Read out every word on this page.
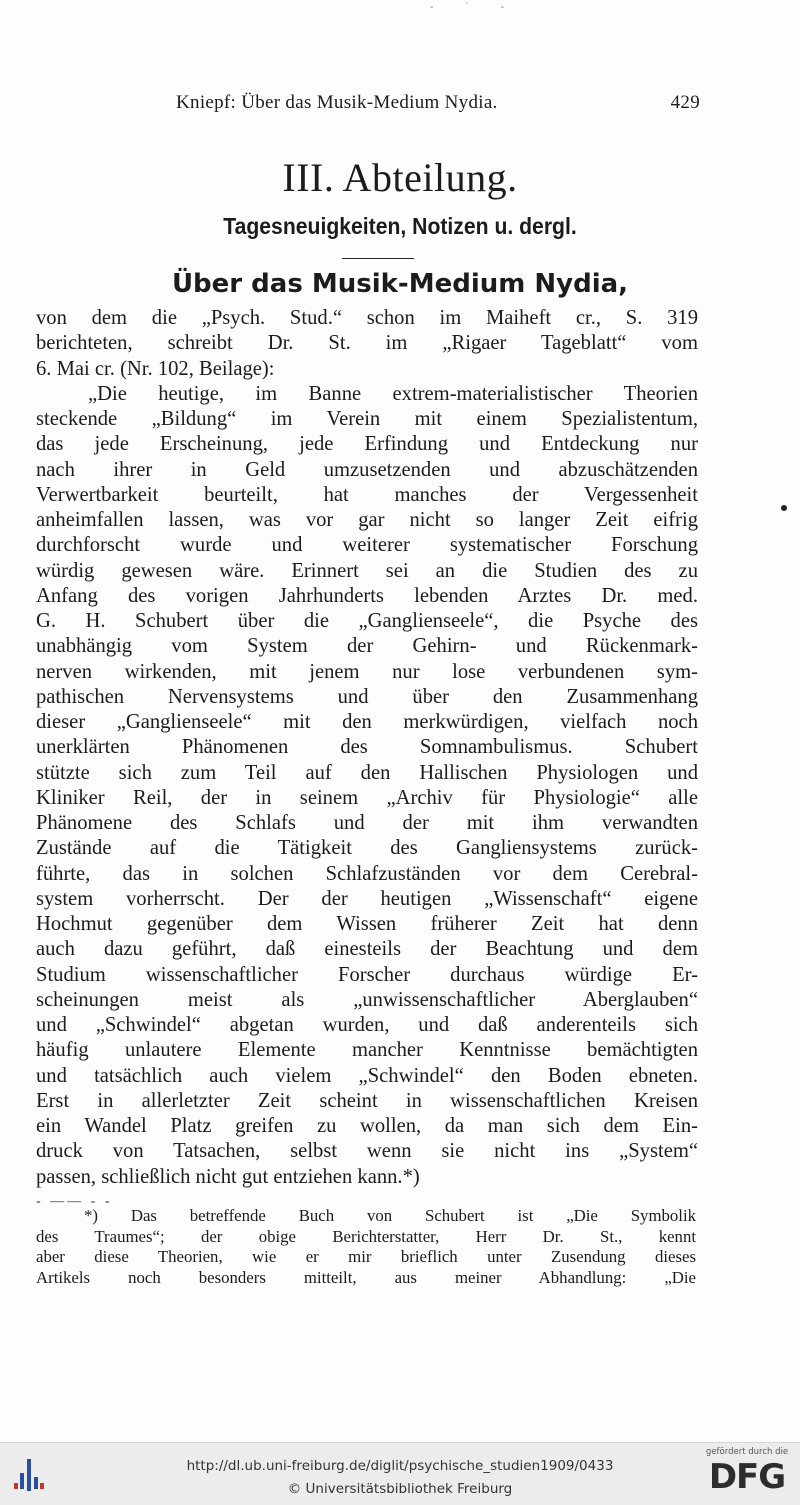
- ˙ -
Kniepf: Über das Musik-Medium Nydia.	429
III. Abteilung.
Tagesneuigkeiten, Notizen u. dergl.
Über das Musik-Medium Nydia,
von dem die „Psych. Stud.“ schon im Maiheft cr., S. 319
berichteten, schreibt Dr. St. im „Rigaer Tageblatt“ vom
6. Mai cr. (Nr. 102, Beilage):
„Die heutige, im Banne extrem-materialistischer Theorien
steckende „Bildung“ im Verein mit einem Spezialistentum,
das jede Erscheinung, jede Erfindung und Entdeckung nur
nach ihrer in Geld umzusetzenden und abzuschätzenden
Verwertbarkeit beurteilt, hat manches der Vergessenheit
anheimfallen lassen, was vor gar nicht so langer Zeit eifrig
durchforscht wurde und weiterer systematischer Forschung
würdig gewesen wäre. Erinnert sei an die Studien des zu
Anfang des vorigen Jahrhunderts lebenden Arztes Dr. med.
G. H. Schubert über die „Ganglienseele“, die Psyche des
unabhängig vom System der Gehirn- und Rückenmark-
nerven wirkenden, mit jenem nur lose verbundenen sym-
pathischen Nervensystems und über den Zusammenhang
dieser „Ganglienseele“ mit den merkwürdigen, vielfach noch
unerklärten Phänomenen des Somnambulismus. Schubert
stützte sich zum Teil auf den Hallischen Physiologen und
Kliniker Reil, der in seinem „Archiv für Physiologie“ alle
Phänomene des Schlafs und der mit ihm verwandten
Zustände auf die Tätigkeit des Gangliensystems zurück-
führte, das in solchen Schlafzuständen vor dem Cerebral-
system vorherrscht. Der der heutigen „Wissenschaft“ eigene
Hochmut gegenüber dem Wissen früherer Zeit hat denn
auch dazu geführt, daß einesteils der Beachtung und dem
Studium wissenschaftlicher Forscher durchaus würdige Er-
scheinungen meist als „unwissenschaftlicher Aberglauben“
und „Schwindel“ abgetan wurden, und daß anderenteils sich
häufig unlautere Elemente mancher Kenntnisse bemächtigten
und tatsächlich auch vielem „Schwindel“ den Boden ebneten.
Erst in allerletzter Zeit scheint in wissenschaftlichen Kreisen
ein Wandel Platz greifen zu wollen, da man sich dem Ein-
druck von Tatsachen, selbst wenn sie nicht ins „System“
passen, schließlich nicht gut entziehen kann.*)
- —— - -
*) Das betreffende Buch von Schubert ist „Die Symbolik
des Traumes“; der obige Berichterstatter, Herr Dr. St., kennt
aber diese Theorien, wie er mir brieflich unter Zusendung dieses
Artikels noch besonders mitteilt, aus meiner Abhandlung: „Die
http://dl.ub.uni-freiburg.de/diglit/psychische_studien1909/0433
© Universitätsbibliothek Freiburg
gefördert durch die
DFG
